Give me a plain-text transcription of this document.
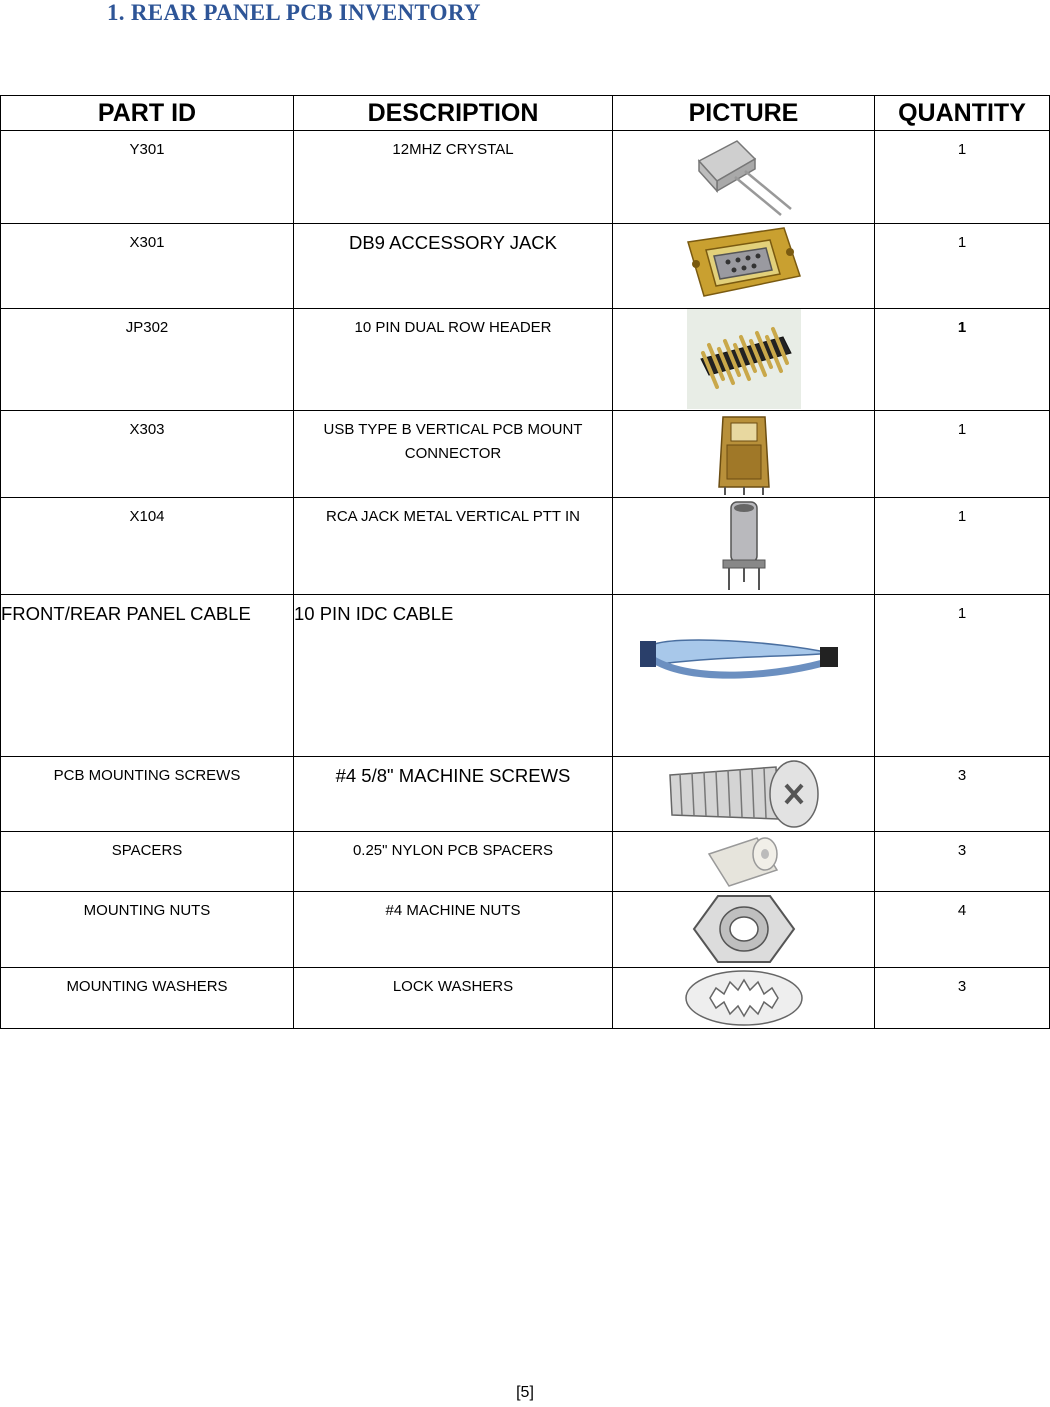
1. REAR PANEL PCB INVENTORY
PART ID	DESCRIPTION	PICTURE	QUANTITY
Y301	12MHZ CRYSTAL		1
X301	DB9 ACCESSORY JACK		1
JP302	10 PIN DUAL ROW HEADER		1
X303	USB TYPE B VERTICAL PCB MOUNT CONNECTOR		1
X104	RCA JACK METAL VERTICAL PTT IN		1
FRONT/REAR PANEL CABLE	10 PIN IDC CABLE		1
PCB MOUNTING SCREWS	#4 5/8" MACHINE SCREWS		3
SPACERS	0.25" NYLON PCB SPACERS		3
MOUNTING NUTS	#4 MACHINE NUTS		4
MOUNTING WASHERS	LOCK WASHERS		3
[5]
